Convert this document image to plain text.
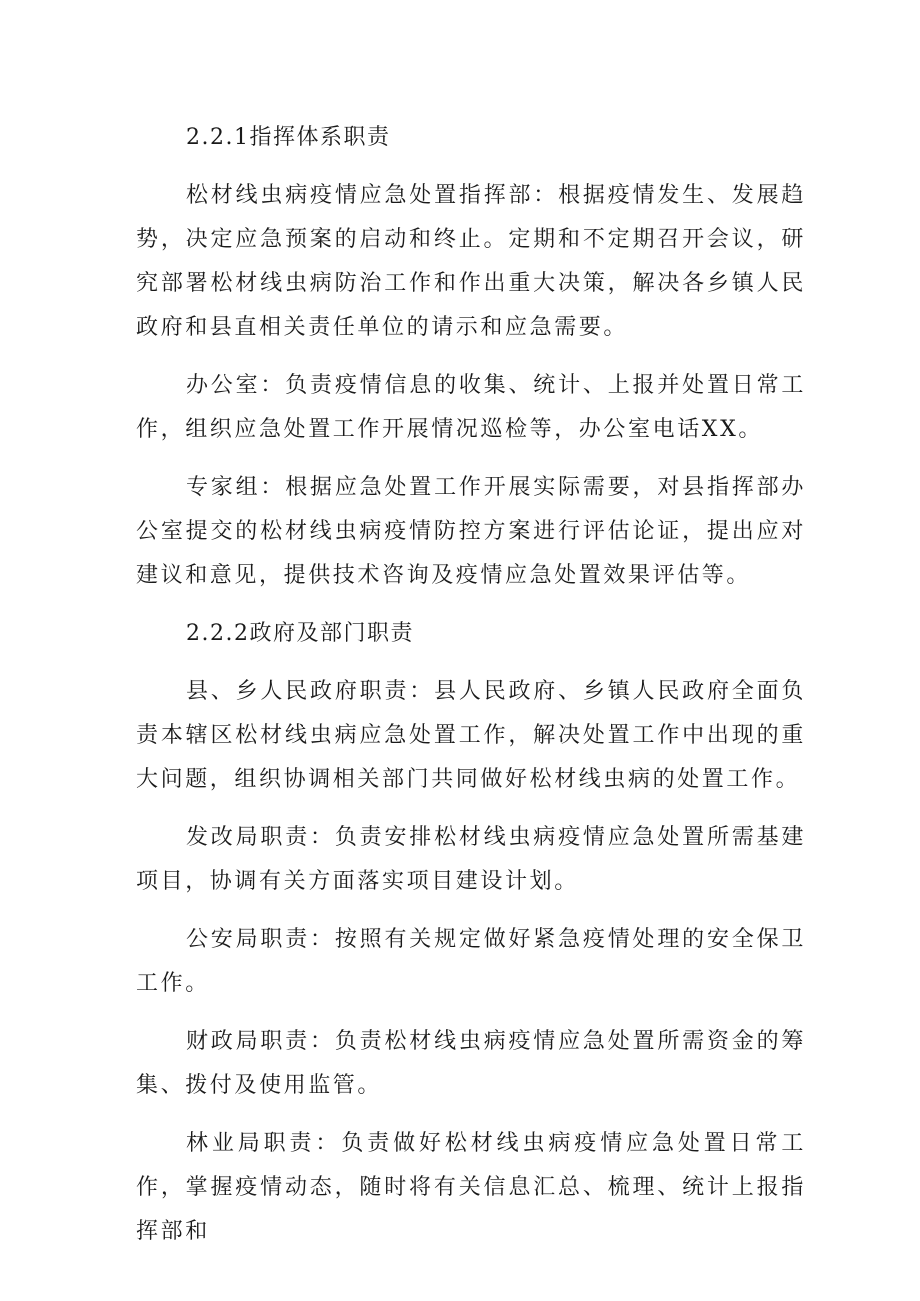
2.2.1指挥体系职责

松材线虫病疫情应急处置指挥部：根据疫情发生、发展趋势，决定应急预案的启动和终止。定期和不定期召开会议，研究部署松材线虫病防治工作和作出重大决策，解决各乡镇人民政府和县直相关责任单位的请示和应急需要。

办公室：负责疫情信息的收集、统计、上报并处置日常工作，组织应急处置工作开展情况巡检等，办公室电话XX。

专家组：根据应急处置工作开展实际需要，对县指挥部办公室提交的松材线虫病疫情防控方案进行评估论证，提出应对建议和意见，提供技术咨询及疫情应急处置效果评估等。

2.2.2政府及部门职责

县、乡人民政府职责：县人民政府、乡镇人民政府全面负责本辖区松材线虫病应急处置工作，解决处置工作中出现的重大问题，组织协调相关部门共同做好松材线虫病的处置工作。

发改局职责：负责安排松材线虫病疫情应急处置所需基建项目，协调有关方面落实项目建设计划。

公安局职责：按照有关规定做好紧急疫情处理的安全保卫工作。

财政局职责：负责松材线虫病疫情应急处置所需资金的筹集、拨付及使用监管。

林业局职责：负责做好松材线虫病疫情应急处置日常工作，掌握疫情动态，随时将有关信息汇总、梳理、统计上报指挥部和
